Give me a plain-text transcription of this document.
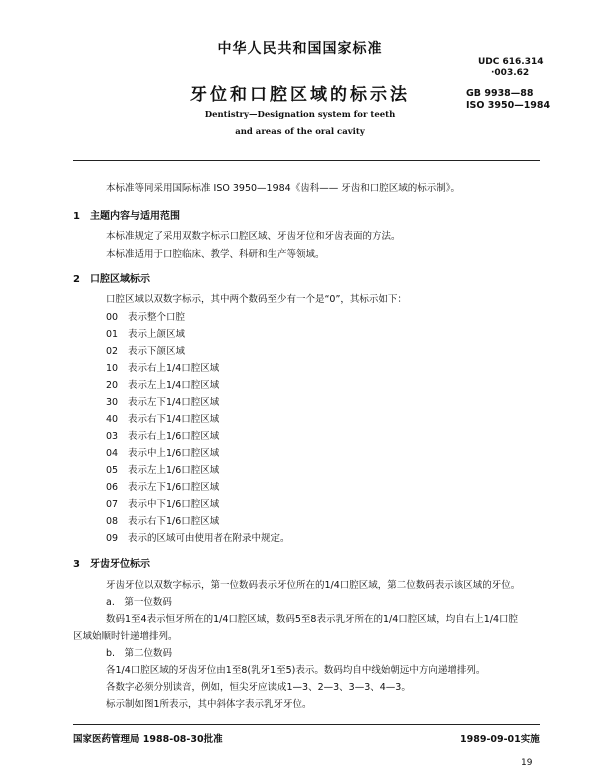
中华人民共和国国家标准
UDC 616.314
·003.62
牙位和口腔区域的标示法	GB 9938—88
ISO 3950—1984
Dentistry—Designation system for teeth
and areas of the oral cavity
本标准等同采用国际标准 ISO 3950—1984《齿科—— 牙齿和口腔区域的标示制》。
1　主题内容与适用范围
本标准规定了采用双数字标示口腔区域、牙齿牙位和牙齿表面的方法。
本标准适用于口腔临床、教学、科研和生产等领域。
2　口腔区域标示
口腔区域以双数字标示，其中两个数码至少有一个是“0”，其标示如下：
00 表示整个口腔
01 表示上颌区域
02 表示下颌区域
10 表示右上1/4口腔区域
20 表示左上1/4口腔区域
30 表示左下1/4口腔区域
40 表示右下1/4口腔区域
03 表示右上1/6口腔区域
04 表示中上1/6口腔区域
05 表示左上1/6口腔区域
06 表示左下1/6口腔区域
07 表示中下1/6口腔区域
08 表示右下1/6口腔区域
09 表示的区域可由使用者在附录中规定。
3　牙齿牙位标示
牙齿牙位以双数字标示，第一位数码表示牙位所在的1/4口腔区域，第二位数码表示该区域的牙位。
a.　第一位数码
数码1至4表示恒牙所在的1/4口腔区域，数码5至8表示乳牙所在的1/4口腔区域，均自右上1/4口腔
区域始顺时针递增排列。
b.　第二位数码
各1/4口腔区域的牙齿牙位由1至8(乳牙1至5)表示。数码均自中线始朝远中方向递增排列。
各数字必须分别读音，例如，恒尖牙应读成1—3、2—3、3—3、4—3。
标示制如图1所表示，其中斜体字表示乳牙牙位。
国家医药管理局 1988-08-30批准	1989-09-01实施
19
